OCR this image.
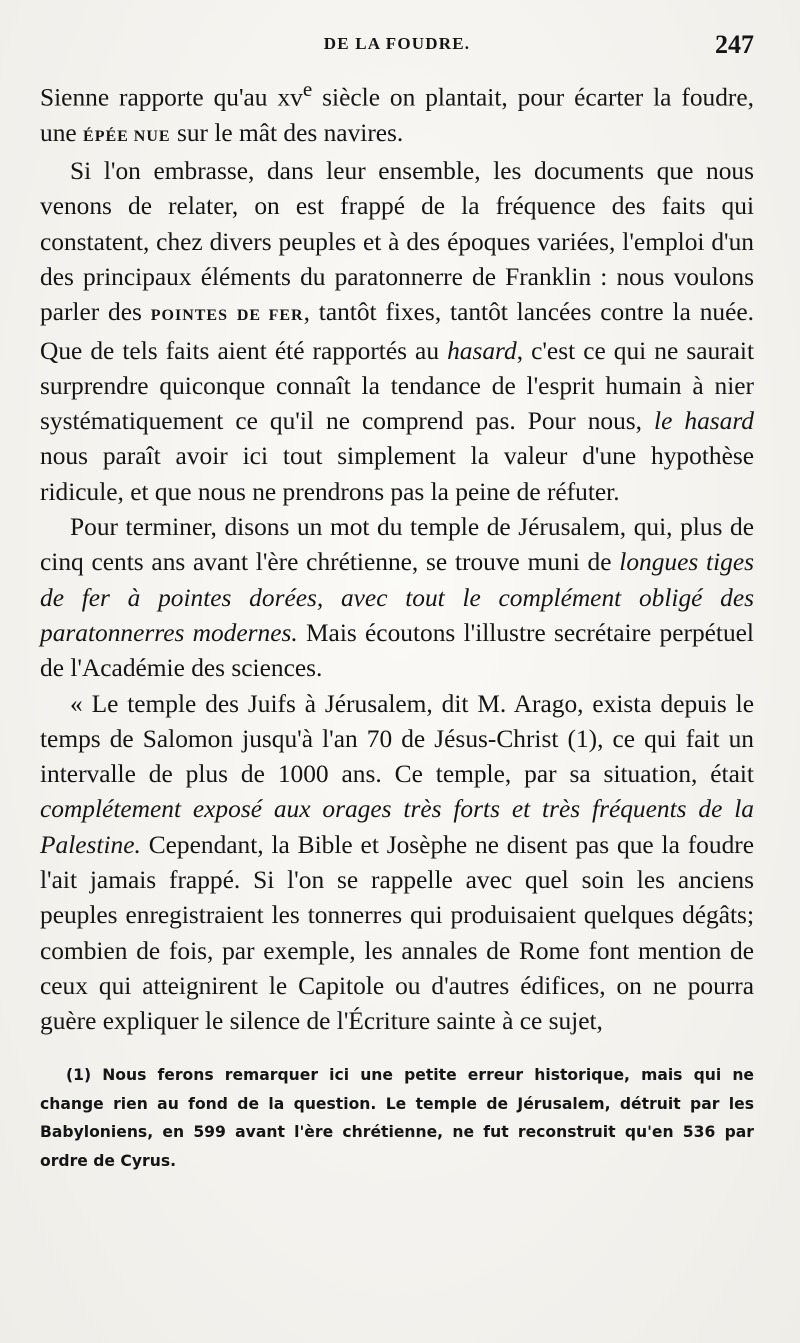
DE LA FOUDRE.	247

Sienne rapporte qu'au $xv^e$ siècle on plantait, pour écarter la foudre, une ÉPÉE NUE sur le mât des navires.

Si l'on embrasse, dans leur ensemble, les documents que nous venons de relater, on est frappé de la fréquence des faits qui constatent, chez divers peuples et à des époques variées, l'emploi d'un des principaux éléments du paratonnerre de Franklin : nous voulons parler des POINTES DE FER, tantôt fixes, tantôt lancées contre la nuée. Que de tels faits aient été rapportés au hasard, c'est ce qui ne saurait surprendre quiconque connaît la tendance de l'esprit humain à nier systématiquement ce qu'il ne comprend pas. Pour nous, le hasard nous paraît avoir ici tout simplement la valeur d'une hypothèse ridicule, et que nous ne prendrons pas la peine de réfuter.

Pour terminer, disons un mot du temple de Jérusalem, qui, plus de cinq cents ans avant l'ère chrétienne, se trouve muni de longues tiges de fer à pointes dorées, avec tout le complément obligé des paratonnerres modernes. Mais écoutons l'illustre secrétaire perpétuel de l'Académie des sciences.

« Le temple des Juifs à Jérusalem, dit M. Arago, exista depuis le temps de Salomon jusqu'à l'an 70 de Jésus-Christ (1), ce qui fait un intervalle de plus de 1000 ans. Ce temple, par sa situation, était complétement exposé aux orages très forts et très fréquents de la Palestine. Cependant, la Bible et Josèphe ne disent pas que la foudre l'ait jamais frappé. Si l'on se rappelle avec quel soin les anciens peuples enregistraient les tonnerres qui produisaient quelques dégâts; combien de fois, par exemple, les annales de Rome font mention de ceux qui atteignirent le Capitole ou d'autres édifices, on ne pourra guère expliquer le silence de l'Écriture sainte à ce sujet,

(1) Nous ferons remarquer ici une petite erreur historique, mais qui ne change rien au fond de la question. Le temple de Jérusalem, détruit par les Babyloniens, en 599 avant l'ère chrétienne, ne fut reconstruit qu'en 536 par ordre de Cyrus.
